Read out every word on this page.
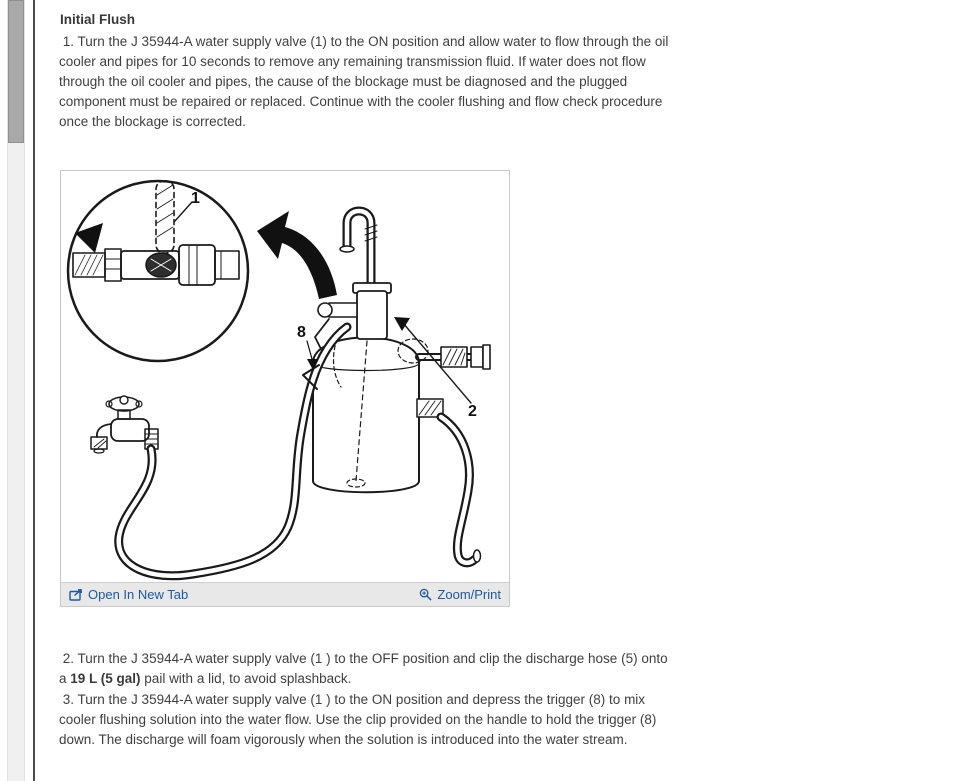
Initial Flush

1. Turn the J 35944-A water supply valve (1) to the ON position and allow water to flow through the oil cooler and pipes for 10 seconds to remove any remaining transmission fluid. If water does not flow through the oil cooler and pipes, the cause of the blockage must be diagnosed and the plugged component must be repaired or replaced. Continue with the cooler flushing and flow check procedure once the blockage is corrected.

1
8
2
Open In New Tab	Zoom/Print

2. Turn the J 35944-A water supply valve (1 ) to the OFF position and clip the discharge hose (5) onto a 19 L (5 gal) pail with a lid, to avoid splashback.

3. Turn the J 35944-A water supply valve (1 ) to the ON position and depress the trigger (8) to mix cooler flushing solution into the water flow. Use the clip provided on the handle to hold the trigger (8) down. The discharge will foam vigorously when the solution is introduced into the water stream.
